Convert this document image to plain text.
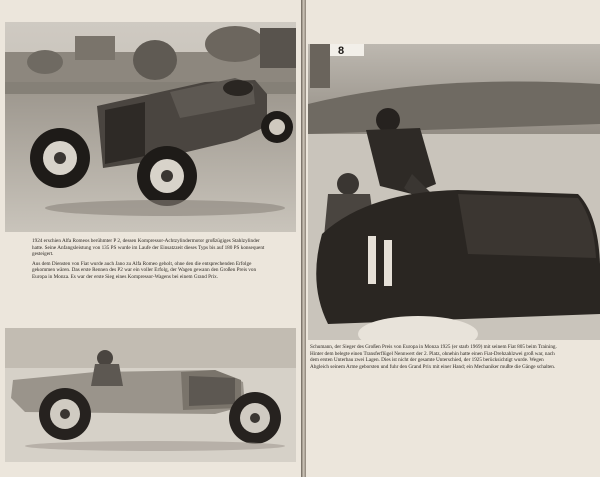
1924 erschien Alfa Romeos berühmter P 2, dessen Kompressor-Achtzylindermotor großzügiges Stahlzylinder hatte. Seine Anfangsleistung von 135 PS wurde im Laufe der Einsatzzeit dieses Typs bis auf 180 PS konsequent gesteigert.

Aus dem Diensten von Fiat wurde auch Jano zu Alfa Romeo geholt, ohne den die entsprechenden Erfolge gekommen wären. Das erste Rennen des P2 war ein voller Erfolg, der Wagen gewann den Großen Preis von Europa in Monza. Es war der erste Sieg eines Kompressor-Wagens bei einem Grand Prix.

8

Schumann, der Sieger des Großen Preis von Europa in Monza 1925 (er starb 1969) mit seinem Fiat 805 beim Training. Hinter dem belegte einen Transferflügel Nennwert der 2. Platz, ohnehin hatte einen Fiat-Drehzahlzwei groß war, nach dem ersten Unterbau zwei Lagen. Dies ist nicht der gesamte Unterschied, der 1925 berücksichtigt wurde. Wegen Abgleich seinem Arme geborsten und fuhr den Grand Prix mit einer Hand; ein Mechaniker mußte die Gänge schalten.
